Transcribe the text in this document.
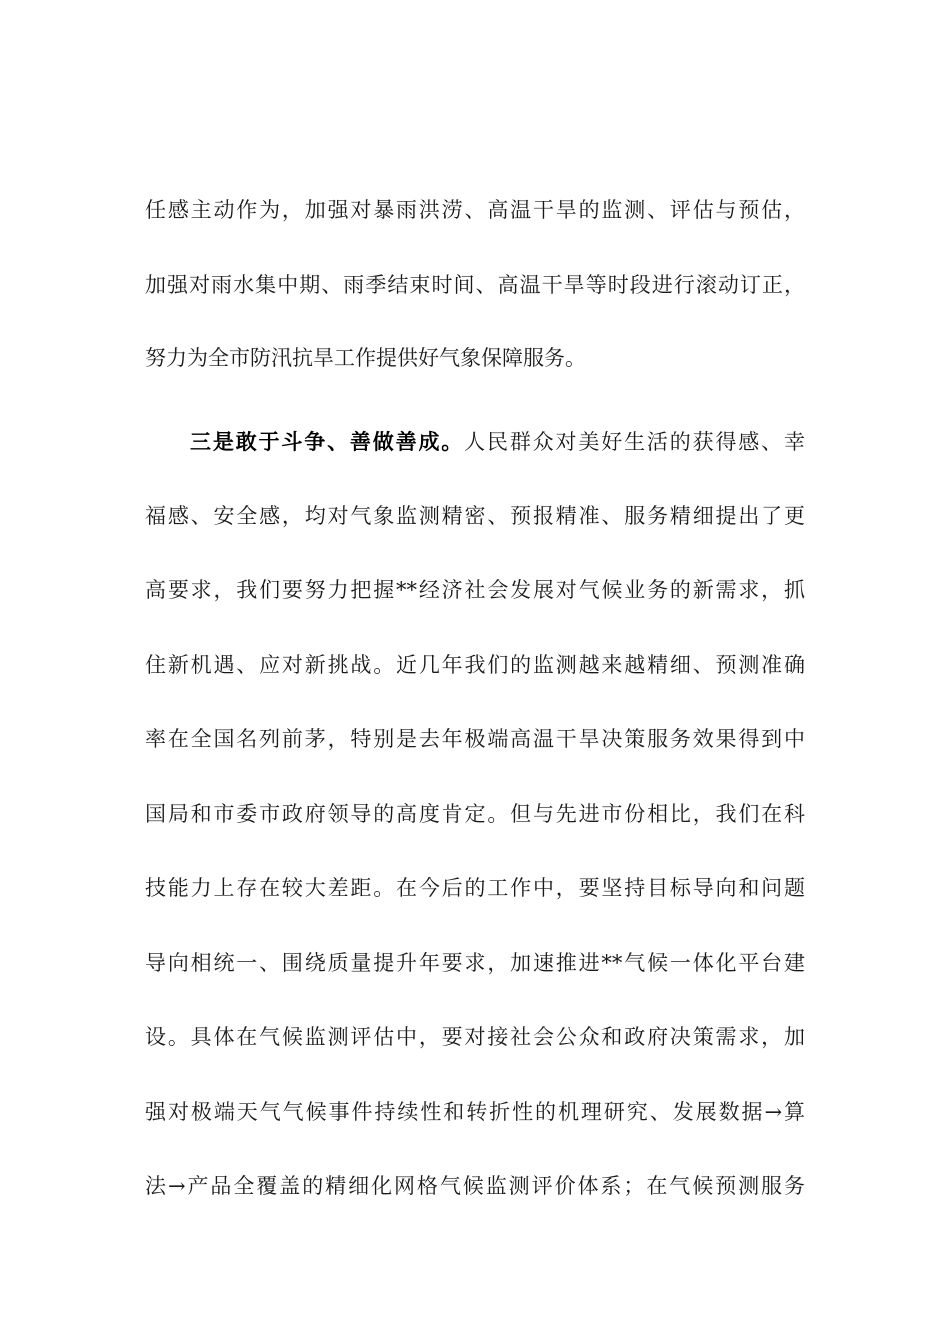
任感主动作为，加强对暴雨洪涝、高温干旱的监测、评估与预估，
加强对雨水集中期、雨季结束时间、高温干旱等时段进行滚动订正，
努力为全市防汛抗旱工作提供好气象保障服务。
三是敢于斗争、善做善成。人民群众对美好生活的获得感、幸
福感、安全感，均对气象监测精密、预报精准、服务精细提出了更
高要求，我们要努力把握**经济社会发展对气候业务的新需求，抓
住新机遇、应对新挑战。近几年我们的监测越来越精细、预测准确
率在全国名列前茅，特别是去年极端高温干旱决策服务效果得到中
国局和市委市政府领导的高度肯定。但与先进市份相比，我们在科
技能力上存在较大差距。在今后的工作中，要坚持目标导向和问题
导向相统一、围绕质量提升年要求，加速推进**气候一体化平台建
设。具体在气候监测评估中，要对接社会公众和政府决策需求，加
强对极端天气气候事件持续性和转折性的机理研究、发展数据→算
法→产品全覆盖的精细化网格气候监测评价体系；在气候预测服务
